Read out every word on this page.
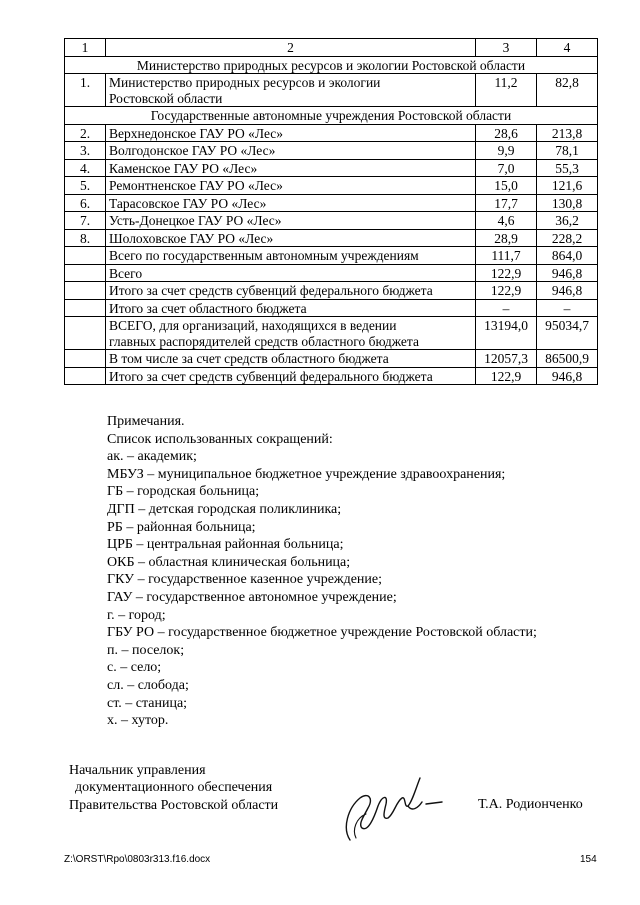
1	2	3	4
Министерство природных ресурсов и экологии Ростовской области			
1.	Министерство природных ресурсов и экологии
Ростовской области	11,2	82,8
Государственные автономные учреждения Ростовской области			
2.	Верхнедонское ГАУ РО «Лес»	28,6	213,8
3.	Волгодонское ГАУ РО «Лес»	9,9	78,1
4.	Каменское ГАУ РО «Лес»	7,0	55,3
5.	Ремонтненское ГАУ РО «Лес»	15,0	121,6
6.	Тарасовское ГАУ РО «Лес»	17,7	130,8
7.	Усть-Донецкое ГАУ РО «Лес»	4,6	36,2
8.	Шолоховское ГАУ РО «Лес»	28,9	228,2
	Всего по государственным автономным учреждениям	111,7	864,0
	Всего	122,9	946,8
	Итого за счет средств субвенций федерального бюджета	122,9	946,8
	Итого за счет областного бюджета	–	–

	ВСЕГО, для организаций, находящихся в ведении
главных распорядителей средств областного бюджета	13194,0	95034,7
	В том числе за счет средств областного бюджета	12057,3	86500,9
	Итого за счет средств субвенций федерального бюджета	122,9	946,8
Примечания.
Список использованных сокращений:
ак. – академик;
МБУЗ – муниципальное бюджетное учреждение здравоохранения;
ГБ – городская больница;
ДГП – детская городская поликлиника;
РБ – районная больница;
ЦРБ – центральная районная больница;
ОКБ – областная клиническая больница;
ГКУ – государственное казенное учреждение;
ГАУ – государственное автономное учреждение;
г. – город;
ГБУ РО – государственное бюджетное учреждение Ростовской области;
п. – поселок;
с. – село;
сл. – слобода;
ст. – станица;
х. – хутор.
Начальник управления
документационного обеспечения
Правительства Ростовской области	Т.А. Родионченко
Z:\ORST\Rpo\0803r313.f16.docx	154
